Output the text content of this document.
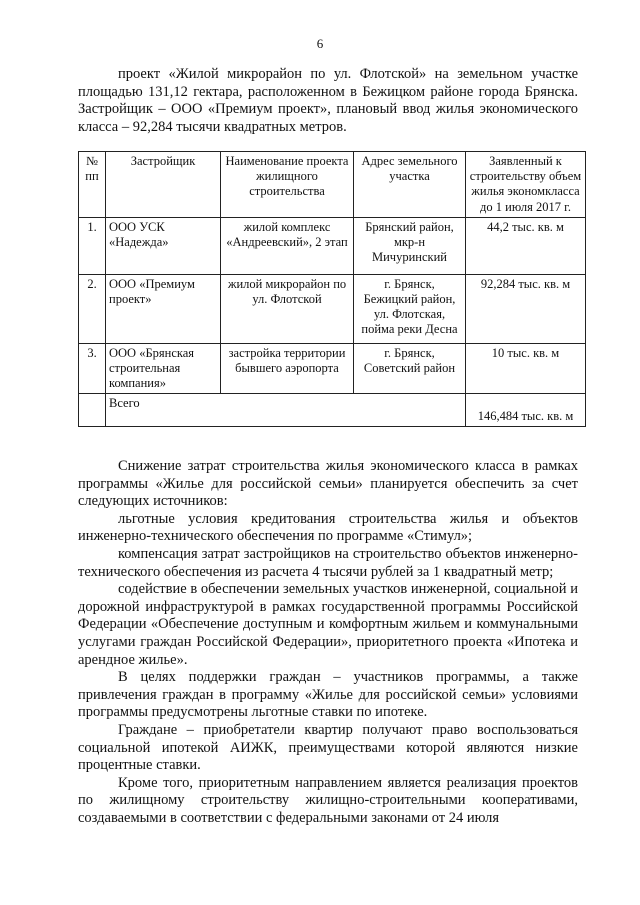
6

проект «Жилой микрорайон по ул. Флотской» на земельном участке площадью 131,12 гектара, расположенном в Бежицком районе города Брянска. Застройщик – ООО «Премиум проект», плановый ввод жилья экономического класса – 92,284 тысячи квадратных метров.

№ пп	Застройщик	Наименование проекта жилищного строительства	Адрес земельного участка	Заявленный к строительству объем жилья экономкласса до 1 июля 2017 г.
1.	ООО УСК «Надежда»	жилой комплекс «Андреевский», 2 этап	Брянский район, мкр-н Мичуринский	44,2 тыс. кв. м
2.	ООО «Премиум проект»	жилой микрорайон по ул. Флотской	г. Брянск, Бежицкий район, ул. Флотская, пойма реки Десна	92,284 тыс. кв. м
3.	ООО «Брянская строительная компания»	застройка территории бывшего аэропорта	г. Брянск, Советский район	10 тыс. кв. м
	Всего			146,484 тыс. кв. м

Снижение затрат строительства жилья экономического класса в рамках программы «Жилье для российской семьи» планируется обеспечить за счет следующих источников:

льготные условия кредитования строительства жилья и объектов инженерно-технического обеспечения по программе «Стимул»;

компенсация затрат застройщиков на строительство объектов инженерно-технического обеспечения из расчета 4 тысячи рублей за 1 квадратный метр;

содействие в обеспечении земельных участков инженерной, социальной и дорожной инфраструктурой в рамках государственной программы Российской Федерации «Обеспечение доступным и комфортным жильем и коммунальными услугами граждан Российской Федерации», приоритетного проекта «Ипотека и арендное жилье».

В целях поддержки граждан – участников программы, а также привлечения граждан в программу «Жилье для российской семьи» условиями программы предусмотрены льготные ставки по ипотеке.

Граждане – приобретатели квартир получают право воспользоваться социальной ипотекой АИЖК, преимуществами которой являются низкие процентные ставки.

Кроме того, приоритетным направлением является реализация проектов по жилищному строительству жилищно-строительными кооперативами, создаваемыми в соответствии с федеральными законами от 24 июля
